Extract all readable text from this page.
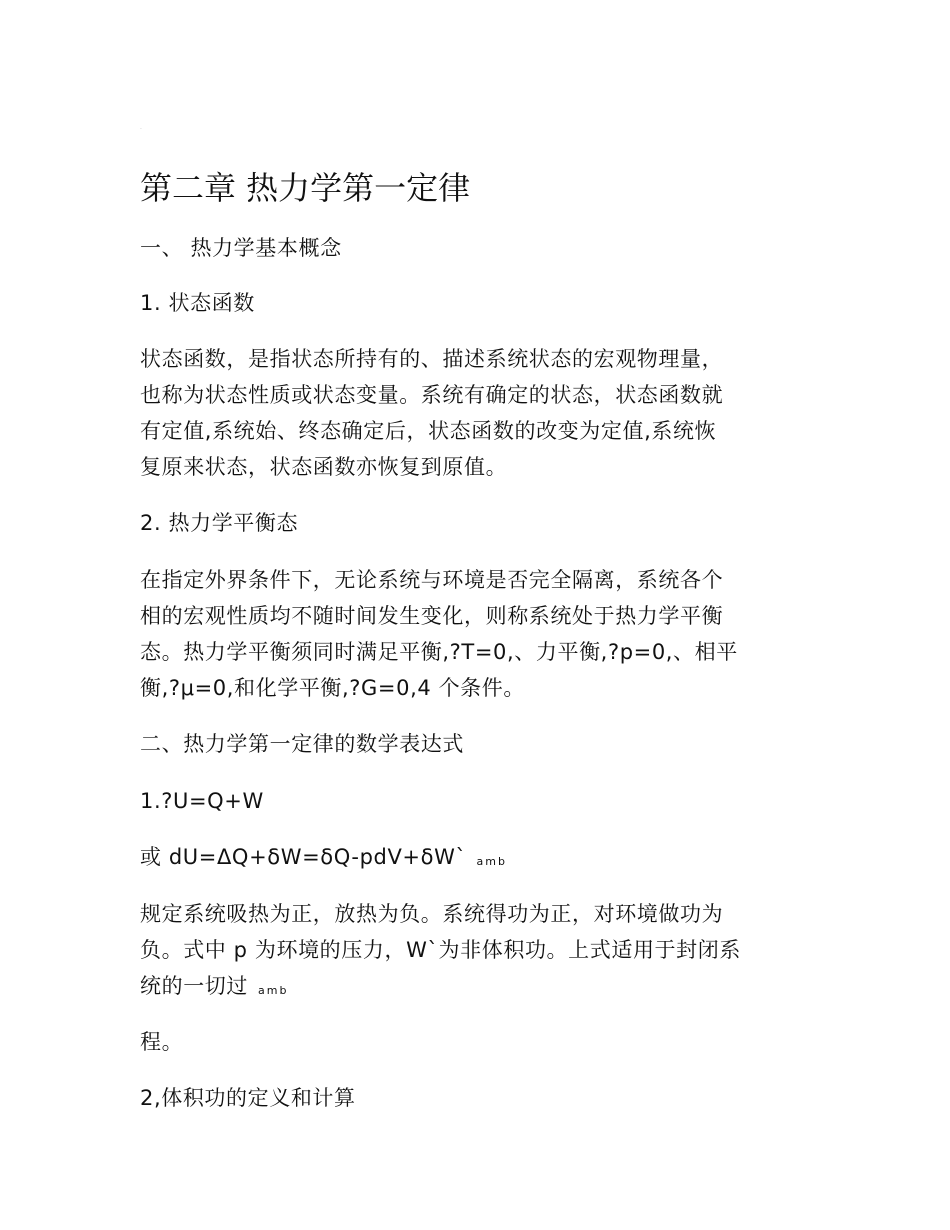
.
第二章 热力学第一定律

一、 热力学基本概念

1. 状态函数

状态函数，是指状态所持有的、描述系统状态的宏观物理量，

也称为状态性质或状态变量。系统有确定的状态，状态函数就

有定值,系统始、终态确定后，状态函数的改变为定值,系统恢

复原来状态，状态函数亦恢复到原值。

2. 热力学平衡态

在指定外界条件下，无论系统与环境是否完全隔离，系统各个

相的宏观性质均不随时间发生变化，则称系统处于热力学平衡

态。热力学平衡须同时满足平衡,?T=0,、力平衡,?p=0,、相平

衡,?μ=0,和化学平衡,?G=0,4 个条件。

二、热力学第一定律的数学表达式

1.?U=Q+W

或 dU=ΔQ+δW=δQ-pdV+δW` amb

规定系统吸热为正，放热为负。系统得功为正，对环境做功为

负。式中 p 为环境的压力，W`为非体积功。上式适用于封闭系

统的一切过 amb

程。

2,体积功的定义和计算
